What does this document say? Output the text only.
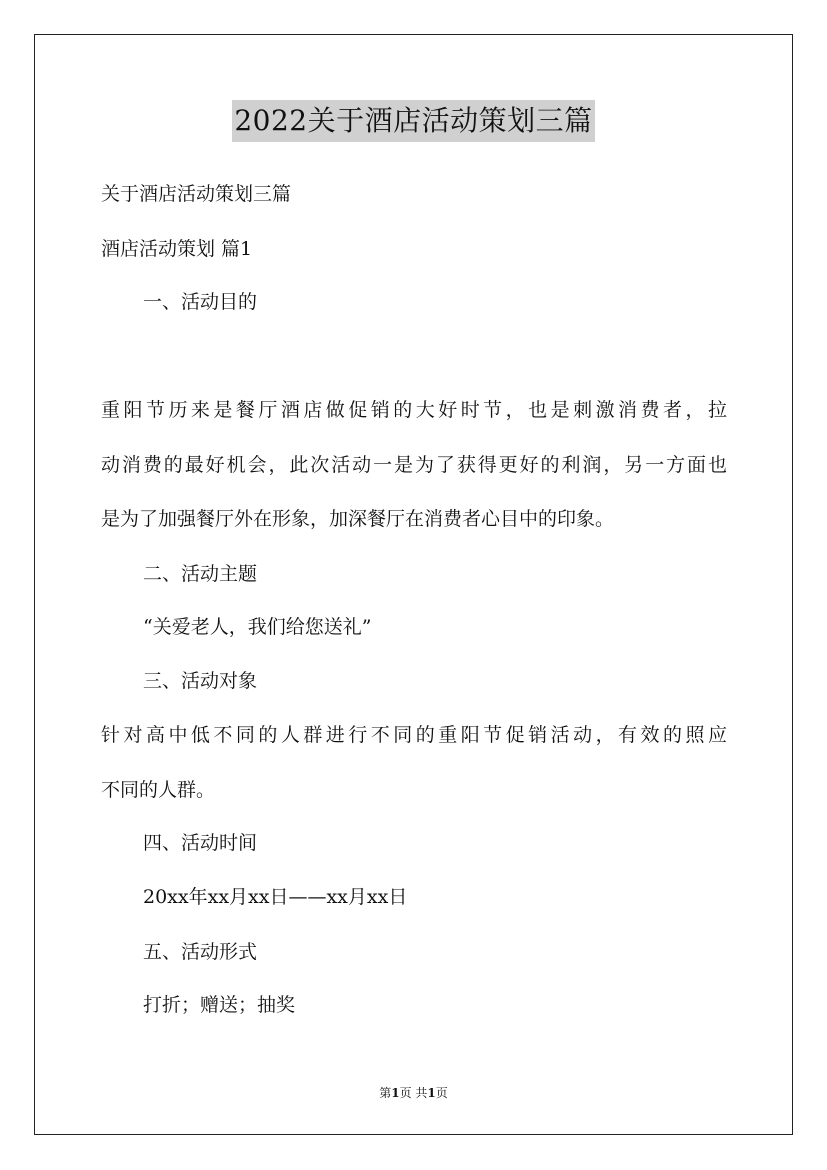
2022关于酒店活动策划三篇
关于酒店活动策划三篇
酒店活动策划 篇1
一、活动目的
重阳节历来是餐厅酒店做促销的大好时节，也是刺激消费者，拉
动消费的最好机会，此次活动一是为了获得更好的利润，另一方面也
是为了加强餐厅外在形象，加深餐厅在消费者心目中的印象。
二、活动主题
“关爱老人，我们给您送礼”
三、活动对象
针对高中低不同的人群进行不同的重阳节促销活动，有效的照应
不同的人群。
四、活动时间
20xx年xx月xx日——xx月xx日
五、活动形式
打折；赠送；抽奖
第1页 共1页
